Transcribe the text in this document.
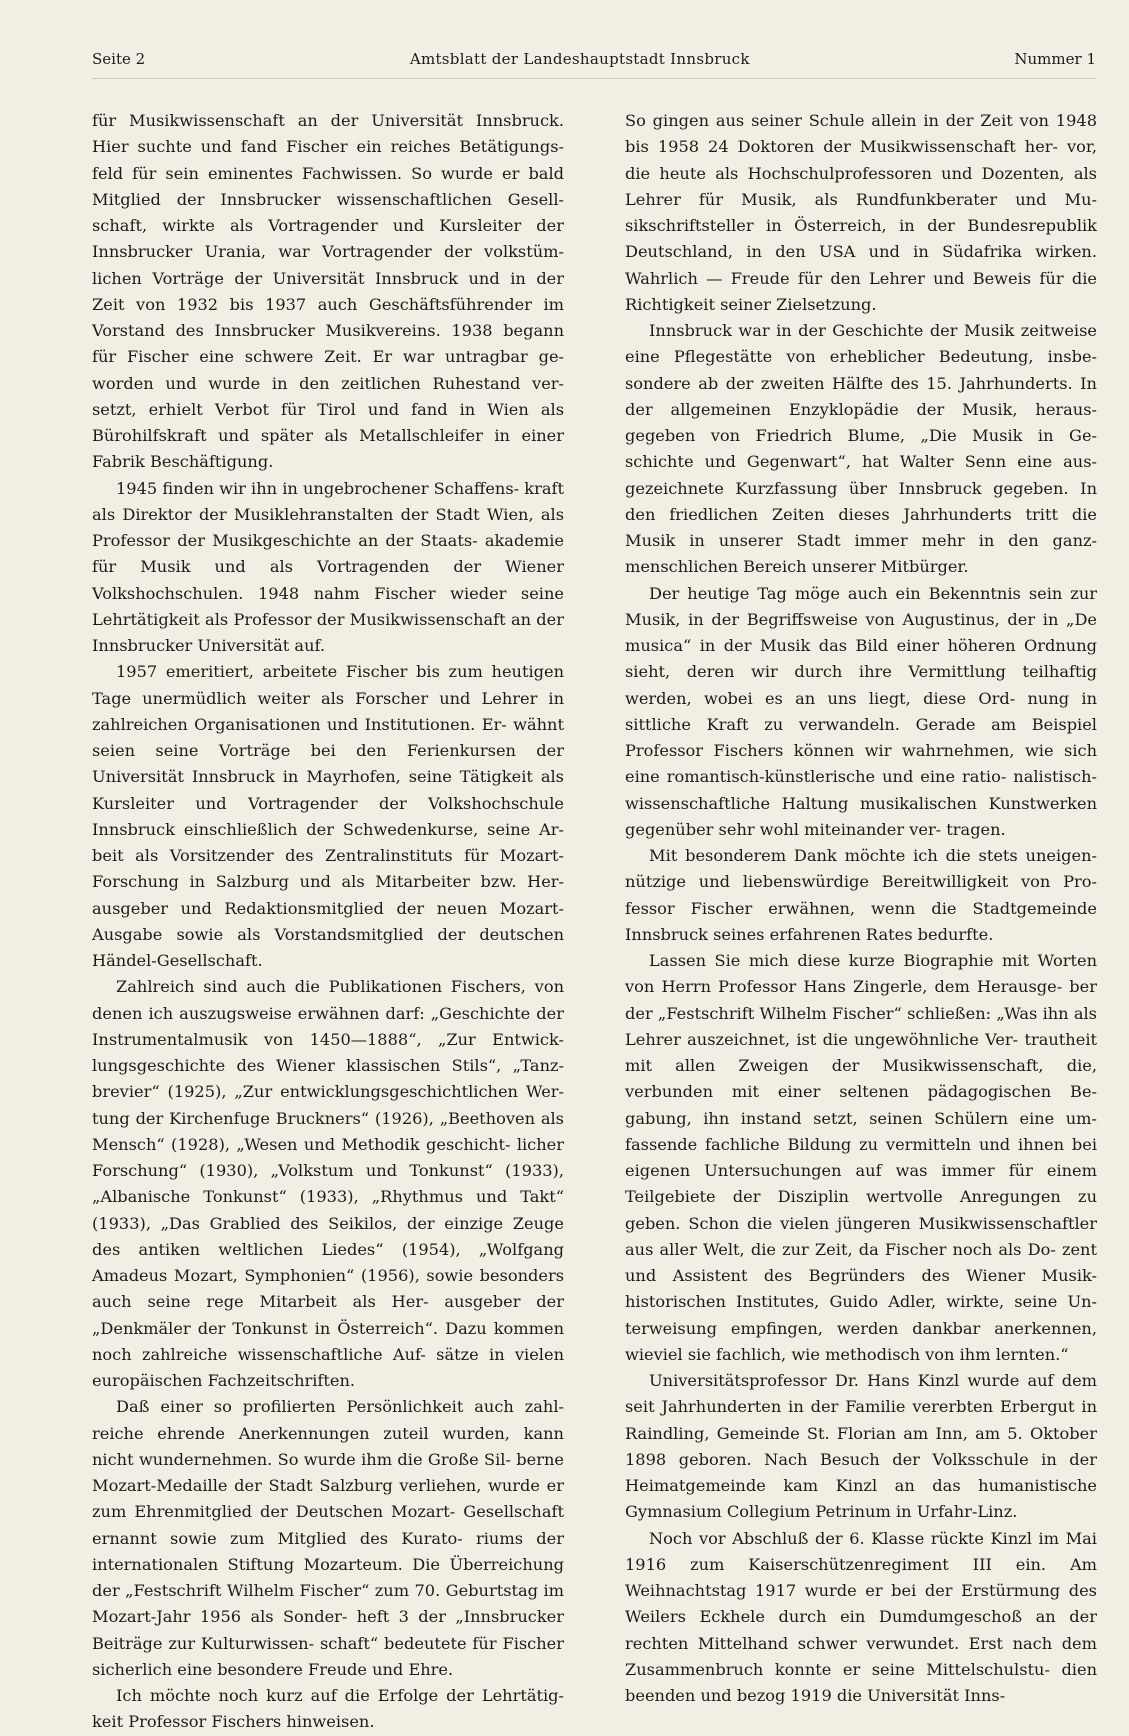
Seite 2	Amtsblatt der Landeshauptstadt Innsbruck	Nummer 1

für Musikwissenschaft an der Universität Innsbruck. Hier suchte und fand Fischer ein reiches Betätigungs- feld für sein eminentes Fachwissen. So wurde er bald Mitglied der Innsbrucker wissenschaftlichen Gesell- schaft, wirkte als Vortragender und Kursleiter der Innsbrucker Urania, war Vortragender der volkstüm- lichen Vorträge der Universität Innsbruck und in der Zeit von 1932 bis 1937 auch Geschäftsführender im Vorstand des Innsbrucker Musikvereins. 1938 begann für Fischer eine schwere Zeit. Er war untragbar ge- worden und wurde in den zeitlichen Ruhestand ver- setzt, erhielt Verbot für Tirol und fand in Wien als Bürohilfskraft und später als Metallschleifer in einer Fabrik Beschäftigung.

1945 finden wir ihn in ungebrochener Schaffens- kraft als Direktor der Musiklehranstalten der Stadt Wien, als Professor der Musikgeschichte an der Staats- akademie für Musik und als Vortragenden der Wiener Volkshochschulen. 1948 nahm Fischer wieder seine Lehrtätigkeit als Professor der Musikwissenschaft an der Innsbrucker Universität auf.

1957 emeritiert, arbeitete Fischer bis zum heutigen Tage unermüdlich weiter als Forscher und Lehrer in zahlreichen Organisationen und Institutionen. Er- wähnt seien seine Vorträge bei den Ferienkursen der Universität Innsbruck in Mayrhofen, seine Tätigkeit als Kursleiter und Vortragender der Volkshochschule Innsbruck einschließlich der Schwedenkurse, seine Ar- beit als Vorsitzender des Zentralinstituts für Mozart- Forschung in Salzburg und als Mitarbeiter bzw. Her- ausgeber und Redaktionsmitglied der neuen Mozart- Ausgabe sowie als Vorstandsmitglied der deutschen Händel-Gesellschaft.

Zahlreich sind auch die Publikationen Fischers, von denen ich auszugsweise erwähnen darf: „Geschichte der Instrumentalmusik von 1450—1888“, „Zur Entwick- lungsgeschichte des Wiener klassischen Stils“, „Tanz- brevier“ (1925), „Zur entwicklungsgeschichtlichen Wer- tung der Kirchenfuge Bruckners“ (1926), „Beethoven als Mensch“ (1928), „Wesen und Methodik geschicht- licher Forschung“ (1930), „Volkstum und Tonkunst“ (1933), „Albanische Tonkunst“ (1933), „Rhythmus und Takt“ (1933), „Das Grablied des Seikilos, der einzige Zeuge des antiken weltlichen Liedes“ (1954), „Wolfgang Amadeus Mozart, Symphonien“ (1956), sowie besonders auch seine rege Mitarbeit als Her- ausgeber der „Denkmäler der Tonkunst in Österreich“. Dazu kommen noch zahlreiche wissenschaftliche Auf- sätze in vielen europäischen Fachzeitschriften.

Daß einer so profilierten Persönlichkeit auch zahl- reiche ehrende Anerkennungen zuteil wurden, kann nicht wundernehmen. So wurde ihm die Große Sil- berne Mozart-Medaille der Stadt Salzburg verliehen, wurde er zum Ehrenmitglied der Deutschen Mozart- Gesellschaft ernannt sowie zum Mitglied des Kurato- riums der internationalen Stiftung Mozarteum. Die Überreichung der „Festschrift Wilhelm Fischer“ zum 70. Geburtstag im Mozart-Jahr 1956 als Sonder- heft 3 der „Innsbrucker Beiträge zur Kulturwissen- schaft“ bedeutete für Fischer sicherlich eine besondere Freude und Ehre.

Ich möchte noch kurz auf die Erfolge der Lehrtätig- keit Professor Fischers hinweisen.

So gingen aus seiner Schule allein in der Zeit von 1948 bis 1958 24 Doktoren der Musikwissenschaft her- vor, die heute als Hochschulprofessoren und Dozenten, als Lehrer für Musik, als Rundfunkberater und Mu- sikschriftsteller in Österreich, in der Bundesrepublik Deutschland, in den USA und in Südafrika wirken. Wahrlich — Freude für den Lehrer und Beweis für die Richtigkeit seiner Zielsetzung.

Innsbruck war in der Geschichte der Musik zeitweise eine Pflegestätte von erheblicher Bedeutung, insbe- sondere ab der zweiten Hälfte des 15. Jahrhunderts. In der allgemeinen Enzyklopädie der Musik, heraus- gegeben von Friedrich Blume, „Die Musik in Ge- schichte und Gegenwart“, hat Walter Senn eine aus- gezeichnete Kurzfassung über Innsbruck gegeben. In den friedlichen Zeiten dieses Jahrhunderts tritt die Musik in unserer Stadt immer mehr in den ganz- menschlichen Bereich unserer Mitbürger.

Der heutige Tag möge auch ein Bekenntnis sein zur Musik, in der Begriffsweise von Augustinus, der in „De musica“ in der Musik das Bild einer höheren Ordnung sieht, deren wir durch ihre Vermittlung teilhaftig werden, wobei es an uns liegt, diese Ord- nung in sittliche Kraft zu verwandeln. Gerade am Beispiel Professor Fischers können wir wahrnehmen, wie sich eine romantisch-künstlerische und eine ratio- nalistisch-wissenschaftliche Haltung musikalischen Kunstwerken gegenüber sehr wohl miteinander ver- tragen.

Mit besonderem Dank möchte ich die stets uneigen- nützige und liebenswürdige Bereitwilligkeit von Pro- fessor Fischer erwähnen, wenn die Stadtgemeinde Innsbruck seines erfahrenen Rates bedurfte.

Lassen Sie mich diese kurze Biographie mit Worten von Herrn Professor Hans Zingerle, dem Herausge- ber der „Festschrift Wilhelm Fischer“ schließen: „Was ihn als Lehrer auszeichnet, ist die ungewöhnliche Ver- trautheit mit allen Zweigen der Musikwissenschaft, die, verbunden mit einer seltenen pädagogischen Be- gabung, ihn instand setzt, seinen Schülern eine um- fassende fachliche Bildung zu vermitteln und ihnen bei eigenen Untersuchungen auf was immer für einem Teilgebiete der Disziplin wertvolle Anregungen zu geben. Schon die vielen jüngeren Musikwissenschaftler aus aller Welt, die zur Zeit, da Fischer noch als Do- zent und Assistent des Begründers des Wiener Musik- historischen Institutes, Guido Adler, wirkte, seine Un- terweisung empfingen, werden dankbar anerkennen, wieviel sie fachlich, wie methodisch von ihm lernten.“

Universitätsprofessor Dr. Hans Kinzl wurde auf dem seit Jahrhunderten in der Familie vererbten Erbergut in Raindling, Gemeinde St. Florian am Inn, am 5. Oktober 1898 geboren. Nach Besuch der Volksschule in der Heimatgemeinde kam Kinzl an das humanistische Gymnasium Collegium Petrinum in Urfahr-Linz.

Noch vor Abschluß der 6. Klasse rückte Kinzl im Mai 1916 zum Kaiserschützenregiment III ein. Am Weihnachtstag 1917 wurde er bei der Erstürmung des Weilers Eckhele durch ein Dumdumgeschoß an der rechten Mittelhand schwer verwundet. Erst nach dem Zusammenbruch konnte er seine Mittelschulstu- dien beenden und bezog 1919 die Universität Inns-
